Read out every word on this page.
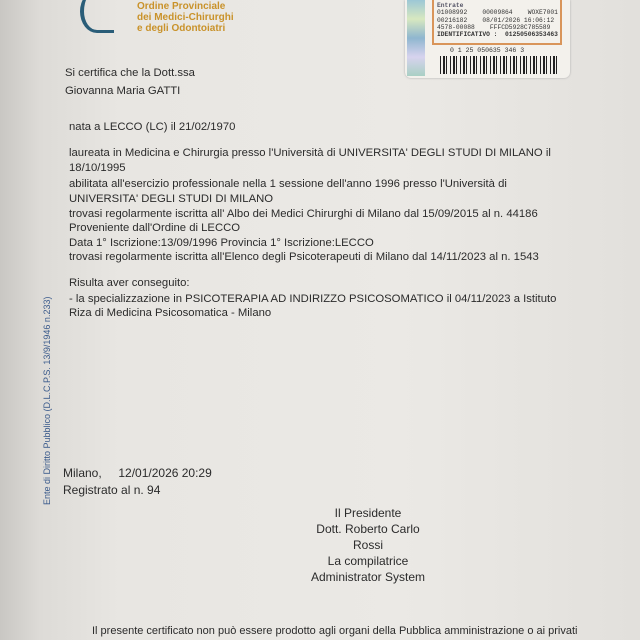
Ordine Provinciale
dei Medici-Chirurghi
e degli Odontoiatri
Entrate
01008992    00009864    WOXE7001
00216182    08/01/2026 16:06:12
4578-00088    FFFCD5928C785589
IDENTIFICATIVO :  01250506353463
0 1 25 050635 346 3
Ente di Diritto Pubblico (D.L.C.P.S. 13/9/1946 n.233)
Si certifica che la Dott.ssa
Giovanna Maria GATTI
nata a LECCO (LC) il 21/02/1970
laureata in Medicina e Chirurgia presso l'Università di UNIVERSITA' DEGLI STUDI DI MILANO il
18/10/1995
abilitata all'esercizio professionale nella 1 sessione dell'anno 1996 presso l'Università di
UNIVERSITA' DEGLI STUDI DI MILANO
trovasi regolarmente iscritta all' Albo dei Medici Chirurghi di Milano dal 15/09/2015 al n. 44186
Proveniente dall'Ordine di LECCO
Data 1° Iscrizione:13/09/1996 Provincia 1° Iscrizione:LECCO
trovasi regolarmente iscritta all'Elenco degli Psicoterapeuti di Milano dal 14/11/2023 al n. 1543
Risulta aver conseguito:
- la specializzazione in PSICOTERAPIA AD INDIRIZZO PSICOSOMATICO il 04/11/2023 a Istituto
Riza di Medicina Psicosomatica - Milano
Milano,     12/01/2026 20:29
Registrato al n. 94
Il Presidente
Dott. Roberto Carlo Rossi
La compilatrice
Administrator System
Il presente certificato non può essere prodotto agli organi della Pubblica amministrazione o ai privati
